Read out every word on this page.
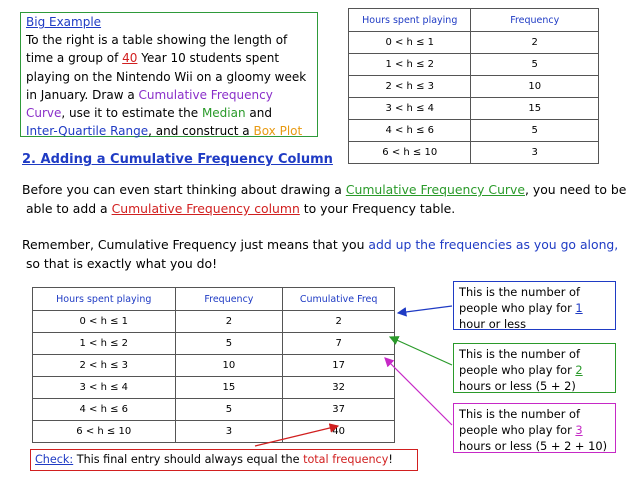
Big Example
To the right is a table showing the length of
time a group of 40 Year 10 students spent
playing on the Nintendo Wii on a gloomy week
in January. Draw a Cumulative Frequency
Curve, use it to estimate the Median and
Inter-Quartile Range, and construct a Box Plot
Hours spent playing	Frequency
0 < h ≤ 1	2
1 < h ≤ 2	5
2 < h ≤ 3	10
3 < h ≤ 4	15
4 < h ≤ 6	5
6 < h ≤ 10	3
2. Adding a Cumulative Frequency Column
Before you can even start thinking about drawing a Cumulative Frequency Curve, you need to be
able to add a Cumulative Frequency column to your Frequency table.
Remember, Cumulative Frequency just means that you add up the frequencies as you go along,
so that is exactly what you do!
Hours spent playing	Frequency	Cumulative Freq
0 < h ≤ 1	2	2
1 < h ≤ 2	5	7
2 < h ≤ 3	10	17
3 < h ≤ 4	15	32
4 < h ≤ 6	5	37
6 < h ≤ 10	3	40
This is the number of people who play for 1
hour or less
This is the number of people who play for 2
hours or less (5 + 2)
This is the number of people who play for 3
hours or less (5 + 2 + 10)
Check: This final entry should always equal the total frequency!
